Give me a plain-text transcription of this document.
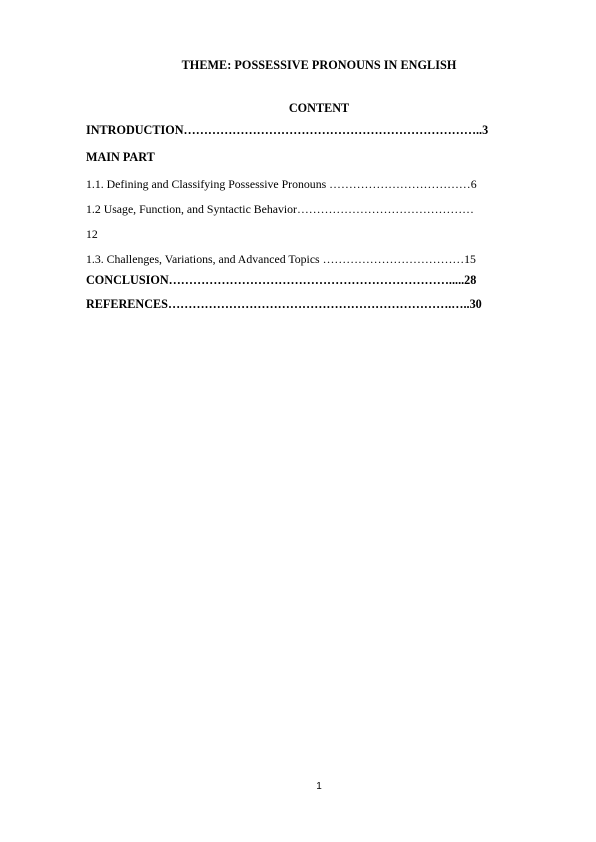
THEME: POSSESSIVE PRONOUNS IN ENGLISH
CONTENT
INTRODUCTION………………………………………………………………..3
MAIN PART
1.1. Defining and Classifying Possessive Pronouns ………………………………6
1.2 Usage, Function, and Syntactic Behavior………………………………………
12
1.3. Challenges, Variations, and Advanced Topics ………………………………15
CONCLUSION…………………………………………………………….....28
REFERENCES…………………………………………………………….…..30
1
